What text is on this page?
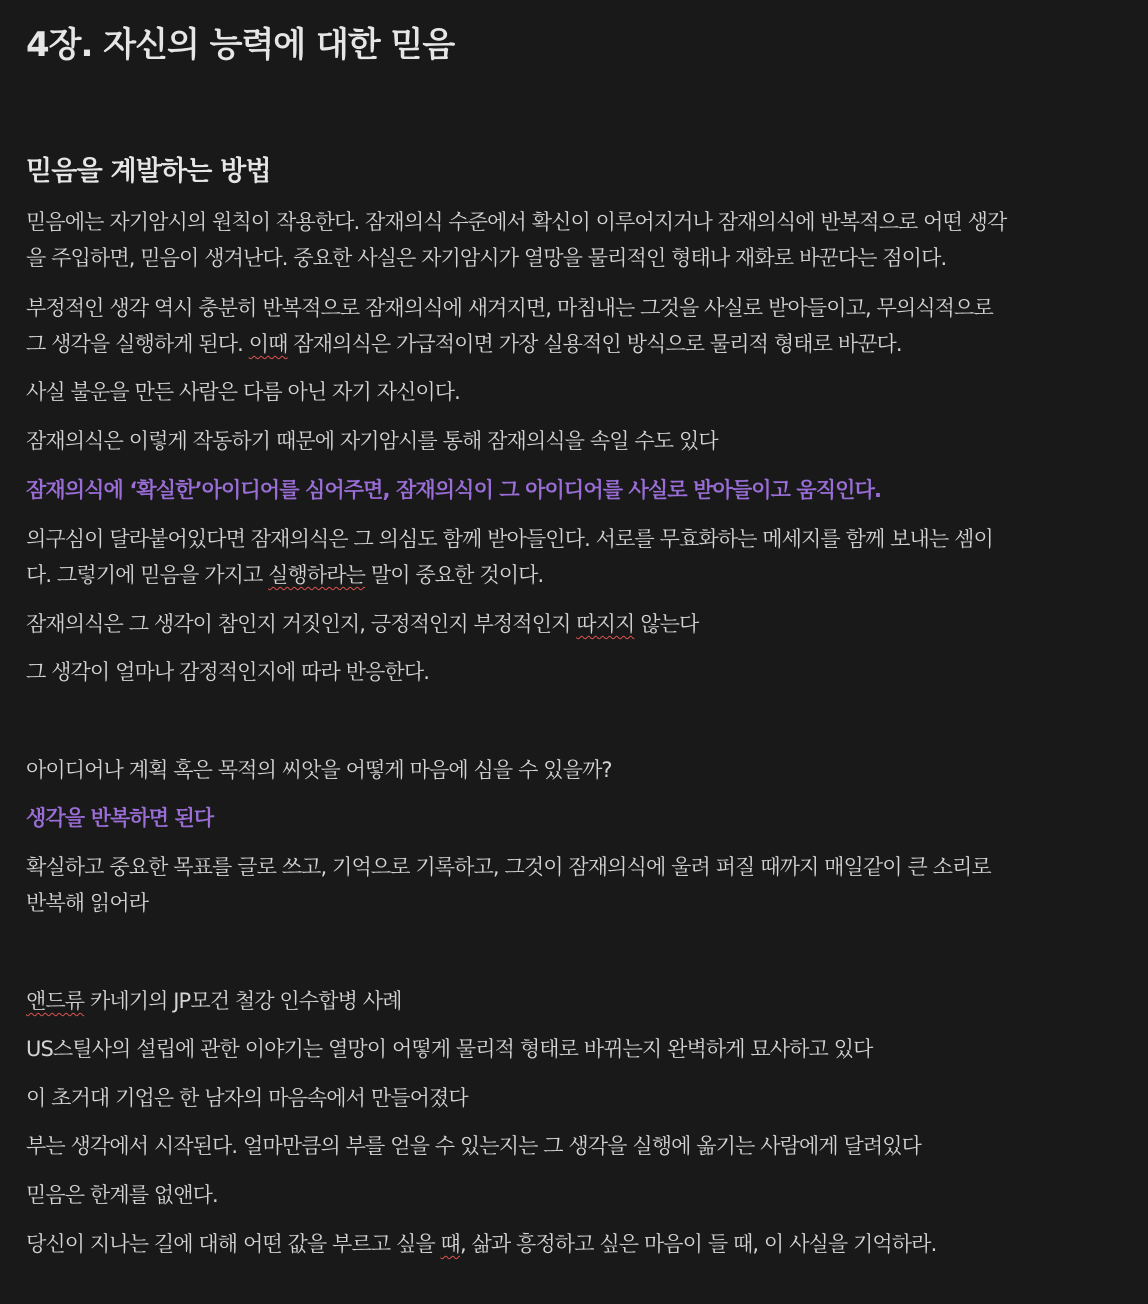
4장. 자신의 능력에 대한 믿음
믿음을 계발하는 방법

믿음에는 자기암시의 원칙이 작용한다. 잠재의식 수준에서 확신이 이루어지거나 잠재의식에 반복적으로 어떤 생각
을 주입하면, 믿음이 생겨난다. 중요한 사실은 자기암시가 열망을 물리적인 형태나 재화로 바꾼다는 점이다.

부정적인 생각 역시 충분히 반복적으로 잠재의식에 새겨지면, 마침내는 그것을 사실로 받아들이고, 무의식적으로
그 생각을 실행하게 된다. 이때 잠재의식은 가급적이면 가장 실용적인 방식으로 물리적 형태로 바꾼다.

사실 불운을 만든 사람은 다름 아닌 자기 자신이다.

잠재의식은 이렇게 작동하기 때문에 자기암시를 통해 잠재의식을 속일 수도 있다

잠재의식에 ‘확실한’아이디어를 심어주면, 잠재의식이 그 아이디어를 사실로 받아들이고 움직인다.

의구심이 달라붙어있다면 잠재의식은 그 의심도 함께 받아들인다. 서로를 무효화하는 메세지를 함께 보내는 셈이
다. 그렇기에 믿음을 가지고 실행하라는 말이 중요한 것이다.

잠재의식은 그 생각이 참인지 거짓인지, 긍정적인지 부정적인지 따지지 않는다

그 생각이 얼마나 감정적인지에 따라 반응한다.

아이디어나 계획 혹은 목적의 씨앗을 어떻게 마음에 심을 수 있을까?

생각을 반복하면 된다

확실하고 중요한 목표를 글로 쓰고, 기억으로 기록하고, 그것이 잠재의식에 울려 퍼질 때까지 매일같이 큰 소리로
반복해 읽어라

앤드류 카네기의 JP모건 철강 인수합병 사례

US스틸사의 설립에 관한 이야기는 열망이 어떻게 물리적 형태로 바뀌는지 완벽하게 묘사하고 있다

이 초거대 기업은 한 남자의 마음속에서 만들어졌다

부는 생각에서 시작된다. 얼마만큼의 부를 얻을 수 있는지는 그 생각을 실행에 옮기는 사람에게 달려있다

믿음은 한계를 없앤다.

당신이 지나는 길에 대해 어떤 값을 부르고 싶을 떄, 삶과 흥정하고 싶은 마음이 들 때, 이 사실을 기억하라.
